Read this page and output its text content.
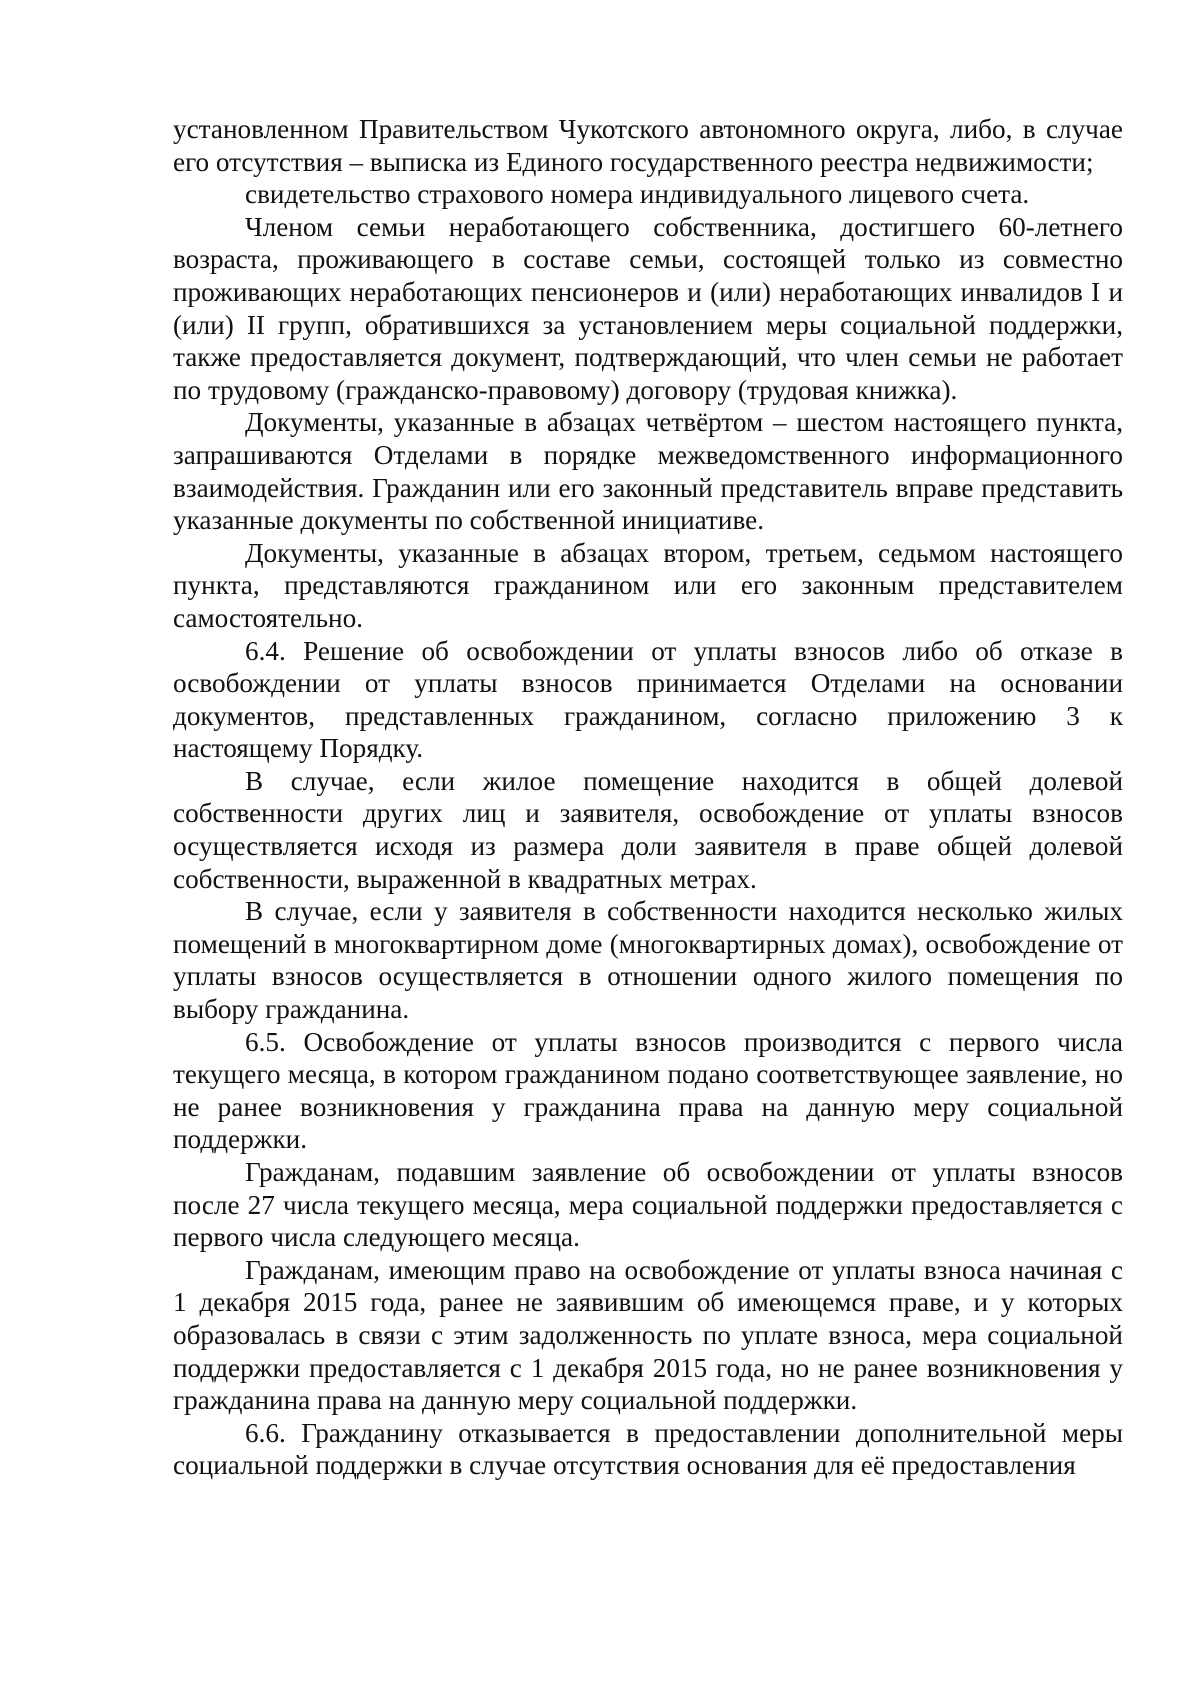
установленном Правительством Чукотского автономного округа, либо, в случае его отсутствия – выписка из Единого государственного реестра недвижимости;

свидетельство страхового номера индивидуального лицевого счета.

Членом семьи неработающего собственника, достигшего 60-летнего возраста, проживающего в составе семьи, состоящей только из совместно проживающих неработающих пенсионеров и (или) неработающих инвалидов I и (или) II групп, обратившихся за установлением меры социальной поддержки, также предоставляется документ, подтверждающий, что член семьи не работает по трудовому (гражданско-правовому) договору (трудовая книжка).

Документы, указанные в абзацах четвёртом – шестом настоящего пункта, запрашиваются Отделами в порядке межведомственного информационного взаимодействия. Гражданин или его законный представитель вправе представить указанные документы по собственной инициативе.

Документы, указанные в абзацах втором, третьем, седьмом настоящего пункта, представляются гражданином или его законным представителем самостоятельно.

6.4. Решение об освобождении от уплаты взносов либо об отказе в освобождении от уплаты взносов принимается Отделами на основании документов, представленных гражданином, согласно приложению 3 к настоящему Порядку.

В случае, если жилое помещение находится в общей долевой собственности других лиц и заявителя, освобождение от уплаты взносов осуществляется исходя из размера доли заявителя в праве общей долевой собственности, выраженной в квадратных метрах.

В случае, если у заявителя в собственности находится несколько жилых помещений в многоквартирном доме (многоквартирных домах), освобождение от уплаты взносов осуществляется в отношении одного жилого помещения по выбору гражданина.

6.5. Освобождение от уплаты взносов производится с первого числа текущего месяца, в котором гражданином подано соответствующее заявление, но не ранее возникновения у гражданина права на данную меру социальной поддержки.

Гражданам, подавшим заявление об освобождении от уплаты взносов после 27 числа текущего месяца, мера социальной поддержки предоставляется с первого числа следующего месяца.

Гражданам, имеющим право на освобождение от уплаты взноса начиная с 1 декабря 2015 года, ранее не заявившим об имеющемся праве, и у которых образовалась в связи с этим задолженность по уплате взноса, мера социальной поддержки предоставляется с 1 декабря 2015 года, но не ранее возникновения у гражданина права на данную меру социальной поддержки.

6.6. Гражданину отказывается в предоставлении дополнительной меры социальной поддержки в случае отсутствия основания для её предоставления
